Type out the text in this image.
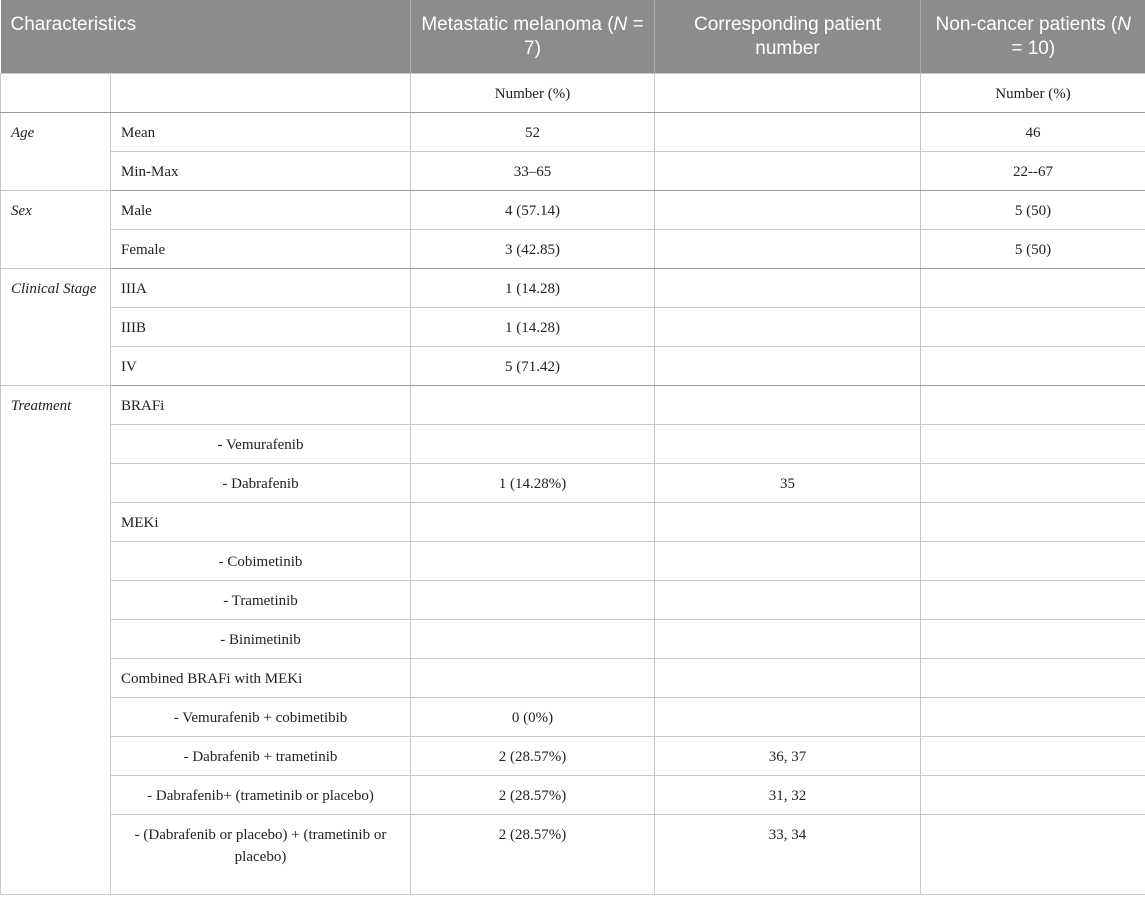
Characteristics		Metastatic melanoma (N = 7)	Corresponding patient number	Non-cancer patients (N = 10)
		Number (%)		Number (%)
Age	Mean	52		46
	Min-Max	33–65		22--67
Sex	Male	4 (57.14)		5 (50)
	Female	3 (42.85)		5 (50)
Clinical Stage	IIIA	1 (14.28)		
	IIIB	1 (14.28)		
	IV	5 (71.42)		
Treatment	BRAFi			
	- Vemurafenib			
	- Dabrafenib	1 (14.28%)	35	
	MEKi			
	- Cobimetinib			
	- Trametinib			
	- Binimetinib			
	Combined BRAFi with MEKi			
	- Vemurafenib + cobimetibib	0 (0%)		
	- Dabrafenib + trametinib	2 (28.57%)	36, 37	
	- Dabrafenib+ (trametinib or placebo)	2 (28.57%)	31, 32	
	- (Dabrafenib or placebo) + (trametinib or placebo)	2 (28.57%)	33, 34	
